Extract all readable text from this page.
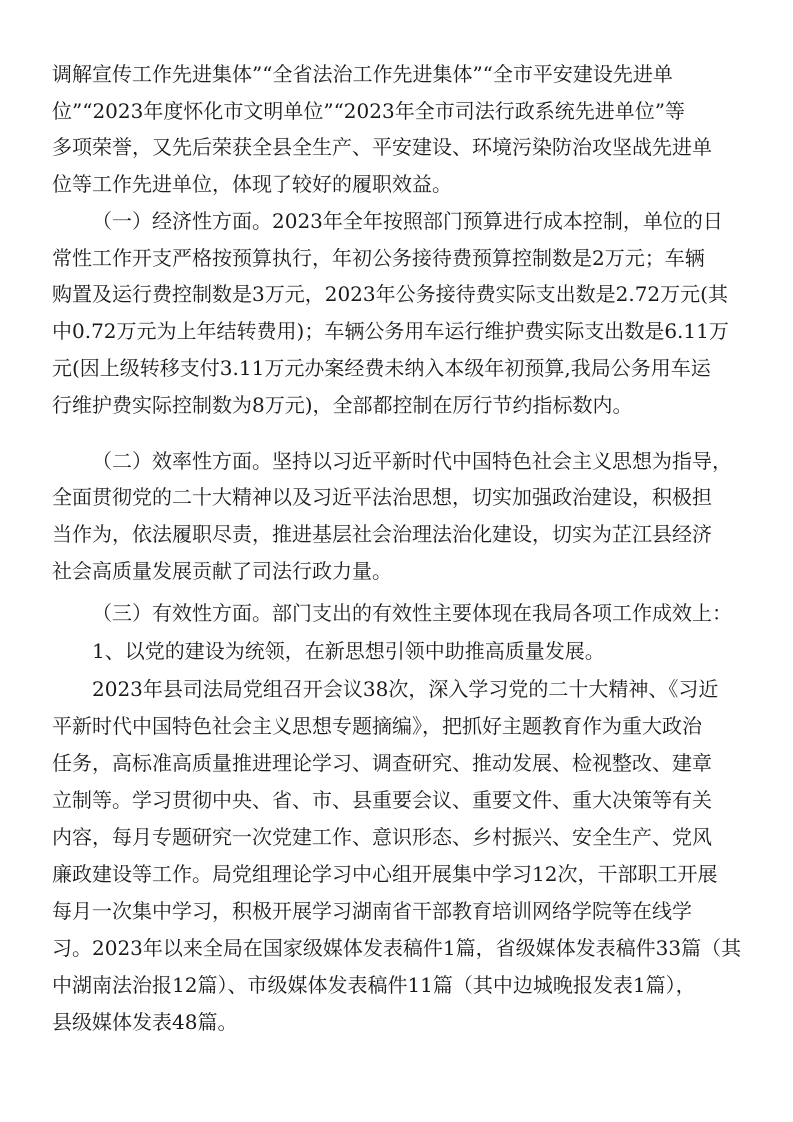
调解宣传工作先进集体”“全省法治工作先进集体”“全市平安建设先进单
位”“2023年度怀化市文明单位”“2023年全市司法行政系统先进单位”等
多项荣誉，又先后荣获全县全生产、平安建设、环境污染防治攻坚战先进单
位等工作先进单位，体现了较好的履职效益。
（一）经济性方面。2023年全年按照部门预算进行成本控制，单位的日
常性工作开支严格按预算执行，年初公务接待费预算控制数是2万元；车辆
购置及运行费控制数是3万元，2023年公务接待费实际支出数是2.72万元(其
中0.72万元为上年结转费用)；车辆公务用车运行维护费实际支出数是6.11万
元(因上级转移支付3.11万元办案经费未纳入本级年初预算,我局公务用车运
行维护费实际控制数为8万元)，全部都控制在厉行节约指标数内。
（二）效率性方面。坚持以习近平新时代中国特色社会主义思想为指导，
全面贯彻党的二十大精神以及习近平法治思想，切实加强政治建设，积极担
当作为，依法履职尽责，推进基层社会治理法治化建设，切实为芷江县经济
社会高质量发展贡献了司法行政力量。
（三）有效性方面。部门支出的有效性主要体现在我局各项工作成效上：
1、以党的建设为统领，在新思想引领中助推高质量发展。
2023年县司法局党组召开会议38次，深入学习党的二十大精神、《习近
平新时代中国特色社会主义思想专题摘编》，把抓好主题教育作为重大政治
任务，高标准高质量推进理论学习、调查研究、推动发展、检视整改、建章
立制等。学习贯彻中央、省、市、县重要会议、重要文件、重大决策等有关
内容，每月专题研究一次党建工作、意识形态、乡村振兴、安全生产、党风
廉政建设等工作。局党组理论学习中心组开展集中学习12次，干部职工开展
每月一次集中学习，积极开展学习湖南省干部教育培训网络学院等在线学
习。2023年以来全局在国家级媒体发表稿件1篇，省级媒体发表稿件33篇（其
中湖南法治报12篇）、市级媒体发表稿件11篇（其中边城晚报发表1篇），
县级媒体发表48篇。
